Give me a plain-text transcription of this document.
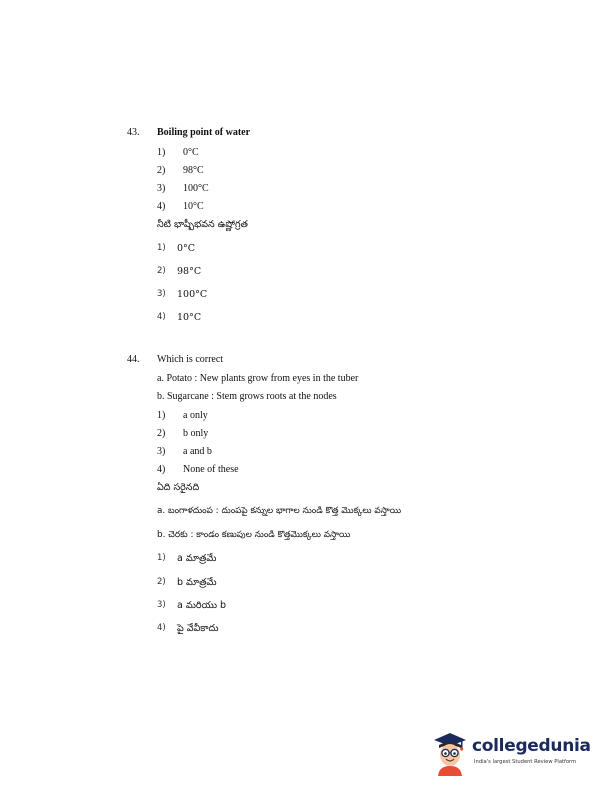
43.	Boiling point of water
1) 0°C
2) 98°C
3) 100°C
4) 10°C
నీటి భాష్పీభవన ఉష్ణోగ్రత
1) 0°C
2) 98°C
3) 100°C
4) 10°C
44.	Which is correct
a. Potato : New plants grow from eyes in the tuber
b. Sugarcane : Stem grows roots at the nodes
1) a only
2) b only
3) a and b
4) None of these
ఏది సరైనది
a. బంగాళదుంప : దుంపపై కన్నుల భాగాల నుండి కొత్త మొక్కలు వస్తాయి
b. చెరకు : కాండం కణుపుల నుండి కొత్తమొక్కలు వస్తాయి
1) a మాత్రమే
2) b మాత్రమే
3) a మరియు b
4) పై వేవీకాదు
collegedunia
India's largest Student Review Platform
